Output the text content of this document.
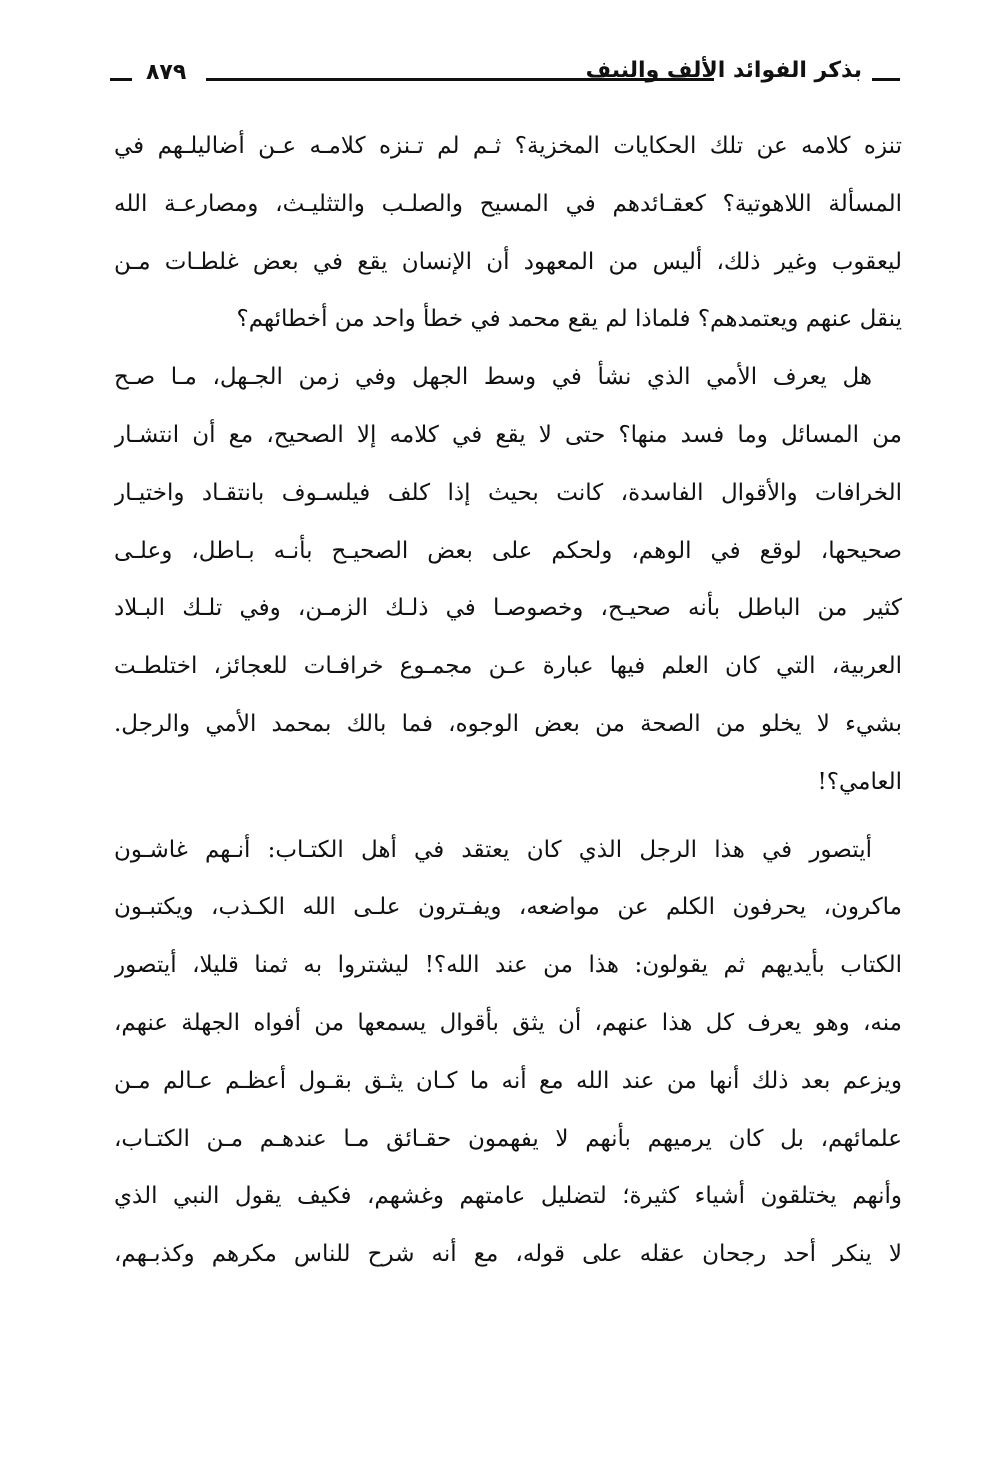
٨٧٩	بذكر الفوائد الألف والنيف
تنزه كلامه عن تلك الحكايات المخزية؟ ثـم لم تـنزه كلامـه عـن أضاليلـهم في
المسألة اللاهوتية؟ كعقـائدهم في المسيح والصلـب والتثليـث، ومصارعـة الله
ليعقوب وغير ذلك، أليس من المعهود أن الإنسان يقع في بعض غلطـات مـن
ينقل عنهم ويعتمدهم؟ فلماذا لم يقع محمد في خطأ واحد من أخطائهم؟
هل يعرف الأمي الذي نشأ في وسط الجهل وفي زمن الجـهل، مـا صـح
من المسائل وما فسد منها؟ حتى لا يقع في كلامه إلا الصحيح، مع أن انتشـار
الخرافات والأقوال الفاسدة، كانت بحيث إذا كلف فيلسـوف بانتقـاد واختيـار
صحيحها، لوقع في الوهم، ولحكم على بعض الصحيـح بأنـه بـاطل، وعلـى
كثير من الباطل بأنه صحيـح، وخصوصـا في ذلـك الزمـن، وفي تلـك البـلاد
العربية، التي كان العلم فيها عبارة عـن مجمـوع خرافـات للعجائز، اختلطـت
بشيء لا يخلو من الصحة من بعض الوجوه، فما بالك بمحمد الأمي والرجل.
العامي؟!
أيتصور في هذا الرجل الذي كان يعتقد في أهل الكتـاب: أنـهم غاشـون
ماكرون، يحرفون الكلم عن مواضعه، ويفـترون علـى الله الكـذب، ويكتبـون
الكتاب بأيديهم ثم يقولون: هذا من عند الله؟! ليشتروا به ثمنا قليلا، أيتصور
منه، وهو يعرف كل هذا عنهم، أن يثق بأقوال يسمعها من أفواه الجهلة عنهم،
ويزعم بعد ذلك أنها من عند الله مع أنه ما كـان يثـق بقـول أعظـم عـالم مـن
علمائهم، بل كان يرميهم بأنهم لا يفهمون حقـائق مـا عندهـم مـن الكتـاب،
وأنهم يختلقون أشياء كثيرة؛ لتضليل عامتهم وغشهم، فكيف يقول النبي الذي
لا ينكر أحد رجحان عقله على قوله، مع أنه شرح للناس مكرهم وكذبـهم،
